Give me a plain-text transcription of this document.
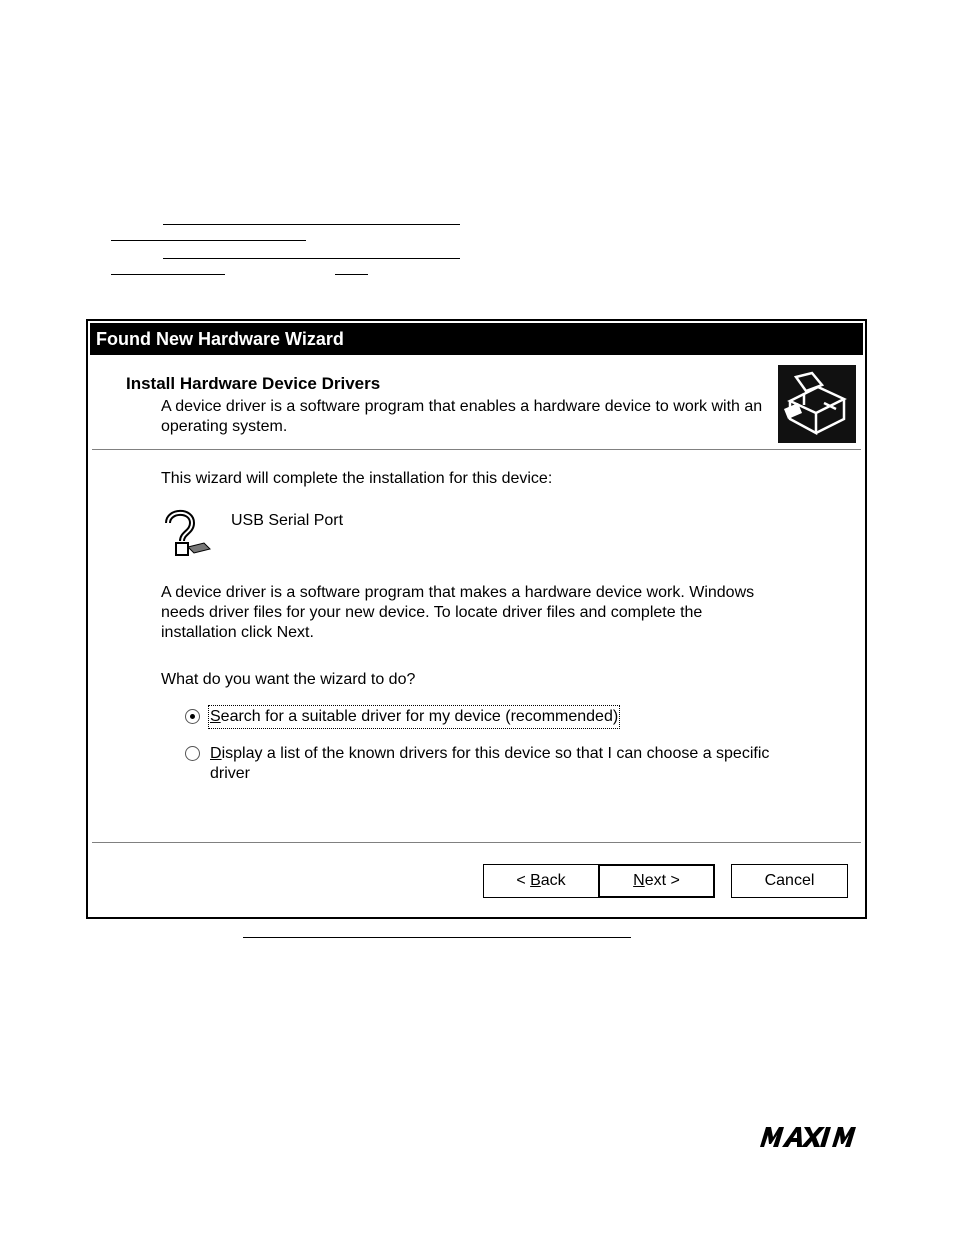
Found New Hardware Wizard
Install Hardware Device Drivers
A device driver is a software program that enables a hardware device to work with an operating system.
This wizard will complete the installation for this device:
USB Serial Port
A device driver is a software program that makes a hardware device work. Windows
needs driver files for your new device. To locate driver files and complete the
installation click Next.
What do you want the wizard to do?
Search for a suitable driver for my device (recommended)
Display a list of the known drivers for this device so that I can choose a specific
driver
< Back	Next >	Cancel
